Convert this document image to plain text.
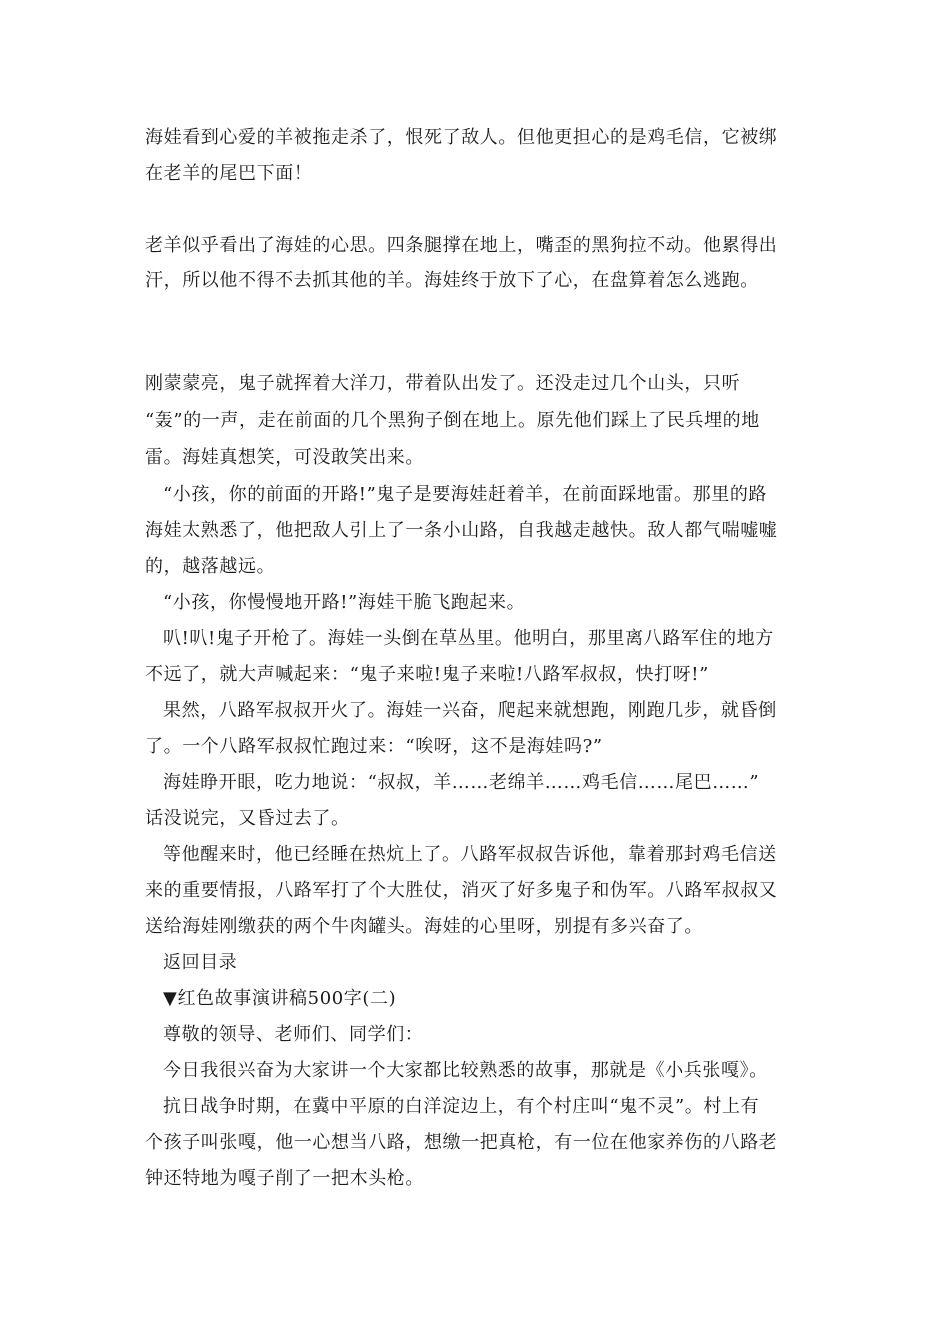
海娃看到心爱的羊被拖走杀了，恨死了敌人。但他更担心的是鸡毛信，它被绑
在老羊的尾巴下面！
老羊似乎看出了海娃的心思。四条腿撑在地上，嘴歪的黑狗拉不动。他累得出
汗，所以他不得不去抓其他的羊。海娃终于放下了心，在盘算着怎么逃跑。
刚蒙蒙亮，鬼子就挥着大洋刀，带着队出发了。还没走过几个山头，只听
“轰”的一声，走在前面的几个黑狗子倒在地上。原先他们踩上了民兵埋的地
雷。海娃真想笑，可没敢笑出来。
“小孩，你的前面的开路!”鬼子是要海娃赶着羊，在前面踩地雷。那里的路
海娃太熟悉了，他把敌人引上了一条小山路，自我越走越快。敌人都气喘嘘嘘
的，越落越远。
“小孩，你慢慢地开路!”海娃干脆飞跑起来。
叭!叭!鬼子开枪了。海娃一头倒在草丛里。他明白，那里离八路军住的地方
不远了，就大声喊起来：“鬼子来啦!鬼子来啦!八路军叔叔，快打呀!”
果然，八路军叔叔开火了。海娃一兴奋，爬起来就想跑，刚跑几步，就昏倒
了。一个八路军叔叔忙跑过来：“唉呀，这不是海娃吗?”
海娃睁开眼，吃力地说：“叔叔，羊……老绵羊……鸡毛信……尾巴……”
话没说完，又昏过去了。
等他醒来时，他已经睡在热炕上了。八路军叔叔告诉他，靠着那封鸡毛信送
来的重要情报，八路军打了个大胜仗，消灭了好多鬼子和伪军。八路军叔叔又
送给海娃刚缴获的两个牛肉罐头。海娃的心里呀，别提有多兴奋了。
返回目录
▼红色故事演讲稿500字(二)
尊敬的领导、老师们、同学们：
今日我很兴奋为大家讲一个大家都比较熟悉的故事，那就是《小兵张嘎》。
抗日战争时期，在冀中平原的白洋淀边上，有个村庄叫“鬼不灵”。村上有
个孩子叫张嘎，他一心想当八路，想缴一把真枪，有一位在他家养伤的八路老
钟还特地为嘎子削了一把木头枪。
